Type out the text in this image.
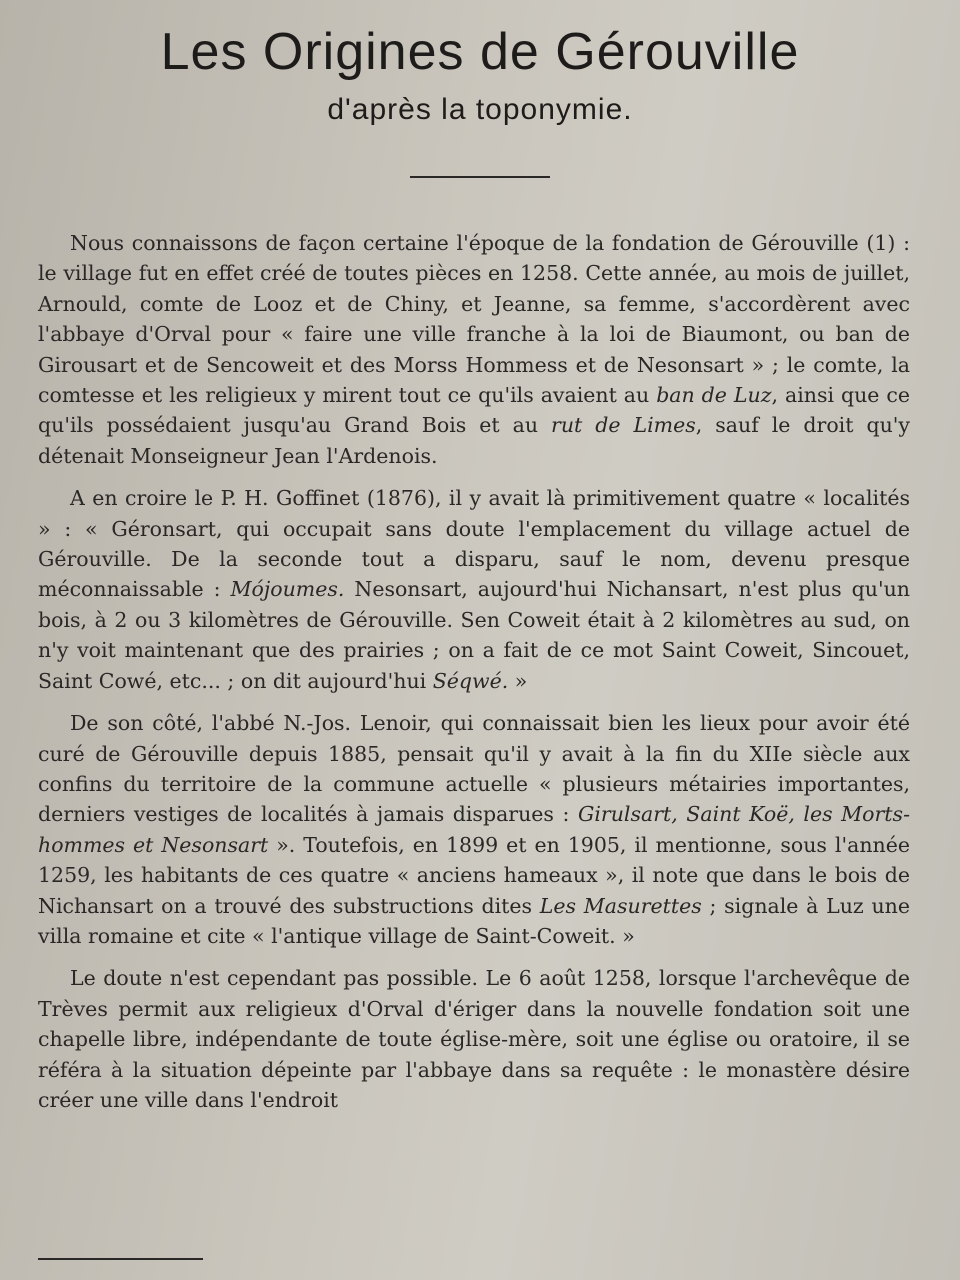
Les Origines de Gérouville
d'après la toponymie.

Nous connaissons de façon certaine l'époque de la fondation de Gérouville (1) : le village fut en effet créé de toutes pièces en 1258. Cette année, au mois de juillet, Arnould, comte de Looz et de Chiny, et Jeanne, sa femme, s'accordèrent avec l'abbaye d'Orval pour « faire une ville franche à la loi de Biaumont, ou ban de Girousart et de Sencoweit et des Morss Hommess et de Nesonsart » ; le comte, la comtesse et les religieux y mirent tout ce qu'ils avaient au ban de Luz, ainsi que ce qu'ils possédaient jusqu'au Grand Bois et au rut de Limes, sauf le droit qu'y détenait Monseigneur Jean l'Ardenois.

A en croire le P. H. Goffinet (1876), il y avait là primitivement quatre « localités » : « Géronsart, qui occupait sans doute l'emplacement du village actuel de Gérouville. De la seconde tout a disparu, sauf le nom, devenu presque méconnaissable : Mójoumes. Nesonsart, aujourd'hui Nichansart, n'est plus qu'un bois, à 2 ou 3 kilomètres de Gérouville. Sen Coweit était à 2 kilomètres au sud, on n'y voit maintenant que des prairies ; on a fait de ce mot Saint Coweit, Sincouet, Saint Cowé, etc... ; on dit aujourd'hui Séqwé. »

De son côté, l'abbé N.-Jos. Lenoir, qui connaissait bien les lieux pour avoir été curé de Gérouville depuis 1885, pensait qu'il y avait à la fin du XIIe siècle aux confins du territoire de la commune actuelle « plusieurs métairies importantes, derniers vestiges de localités à jamais disparues : Girulsart, Saint Koë, les Morts-hommes et Nesonsart ». Toutefois, en 1899 et en 1905, il mentionne, sous l'année 1259, les habitants de ces quatre « anciens hameaux », il note que dans le bois de Nichansart on a trouvé des substructions dites Les Masurettes ; signale à Luz une villa romaine et cite « l'antique village de Saint-Coweit. »

Le doute n'est cependant pas possible. Le 6 août 1258, lorsque l'archevêque de Trèves permit aux religieux d'Orval d'ériger dans la nouvelle fondation soit une chapelle libre, indépendante de toute église-mère, soit une église ou oratoire, il se référa à la situation dépeinte par l'abbaye dans sa requête : le monastère désire créer une ville dans l'endroit
